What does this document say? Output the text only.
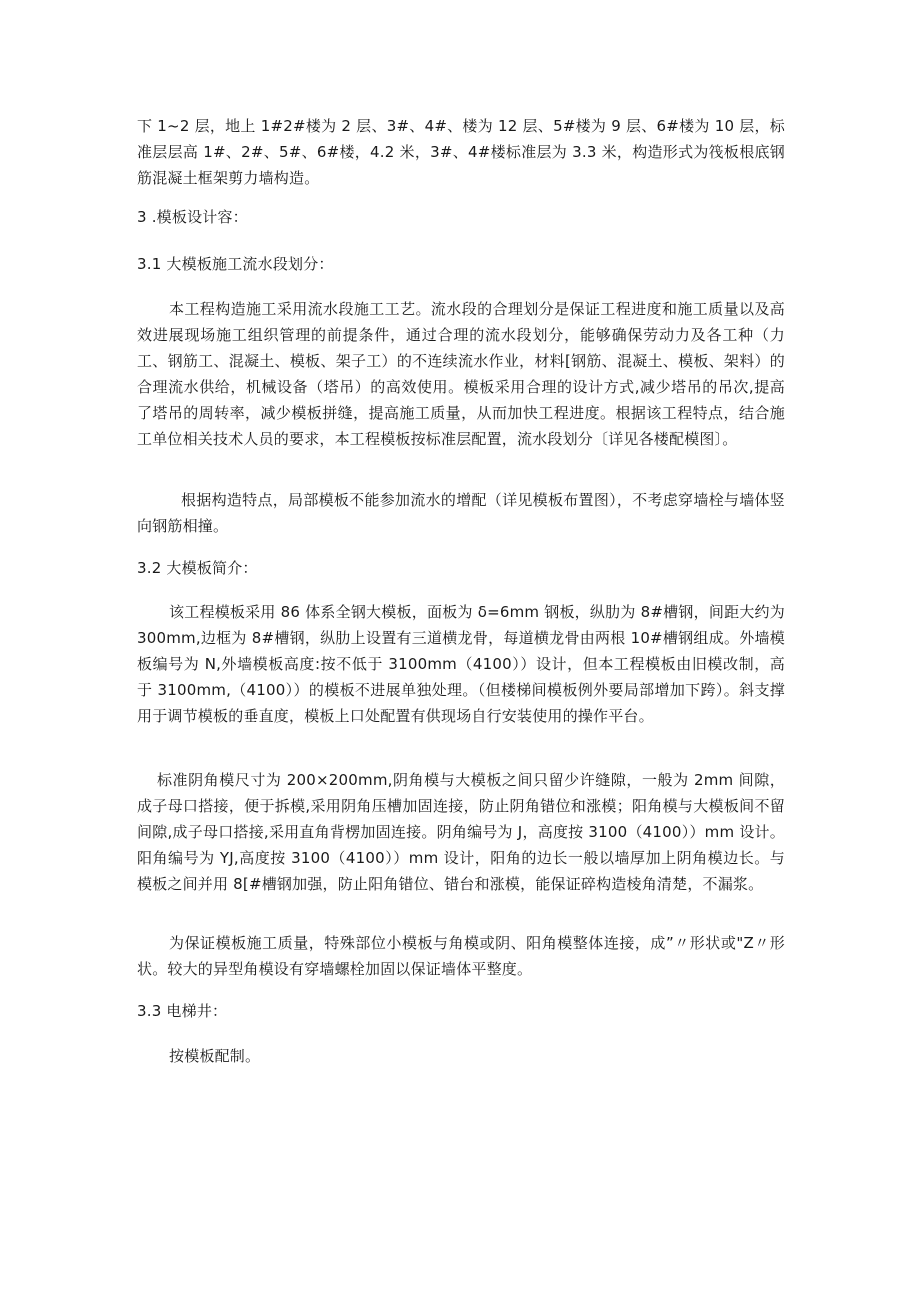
下 1~2 层，地上 1#2#楼为 2 层、3#、4#、楼为 12 层、5#楼为 9 层、6#楼为 10 层，标准层层高 1#、2#、5#、6#楼，4.2 米，3#、4#楼标准层为 3.3 米，构造形式为筏板根底钢筋混凝土框架剪力墙构造。

3 .模板设计容：

3.1 大模板施工流水段划分：

本工程构造施工采用流水段施工工艺。流水段的合理划分是保证工程进度和施工质量以及高效进展现场施工组织管理的前提条件，通过合理的流水段划分，能够确保劳动力及各工种（力工、钢筋工、混凝土、模板、架子工）的不连续流水作业，材料[钢筋、混凝土、模板、架料）的合理流水供给，机械设备（塔吊）的高效使用。模板采用合理的设计方式,减少塔吊的吊次,提高了塔吊的周转率，减少模板拼缝，提高施工质量，从而加快工程进度。根据该工程特点，结合施工单位相关技术人员的要求，本工程模板按标准层配置，流水段划分〔详见各楼配模图〕。

根据构造特点，局部模板不能参加流水的增配（详见模板布置图），不考虑穿墙栓与墙体竖向钢筋相撞。

3.2 大模板简介：

该工程模板采用 86 体系全钢大模板，面板为 δ=6mm 钢板，纵肋为 8#槽钢，间距大约为 300mm,边框为 8#槽钢，纵肋上设置有三道横龙骨，每道横龙骨由两根 10#槽钢组成。外墙模板编号为 N,外墙模板高度:按不低于 3100mm（4100））设计，但本工程模板由旧模改制，高于 3100mm,（4100））的模板不进展单独处理。（但楼梯间模板例外要局部增加下跨）。斜支撑用于调节模板的垂直度，模板上口处配置有供现场自行安装使用的操作平台。

标准阴角模尺寸为 200×200mm,阴角模与大模板之间只留少许缝隙，一般为 2mm 间隙，成子母口搭接，便于拆模,采用阴角压槽加固连接，防止阴角错位和涨模；阳角模与大模板间不留间隙,成子母口搭接,采用直角背楞加固连接。阴角编号为 J，高度按 3100（4100））mm 设计。阳角编号为 YJ,高度按 3100（4100））mm 设计，阳角的边长一般以墙厚加上阴角模边长。与模板之间并用 8[#槽钢加强，防止阳角错位、错台和涨模，能保证碎构造棱角清楚，不漏浆。

为保证模板施工质量，特殊部位小模板与角模或阴、阳角模整体连接，成”〃形状或"Z〃形状。较大的异型角模设有穿墙螺栓加固以保证墙体平整度。

3.3 电梯井：

按模板配制。
